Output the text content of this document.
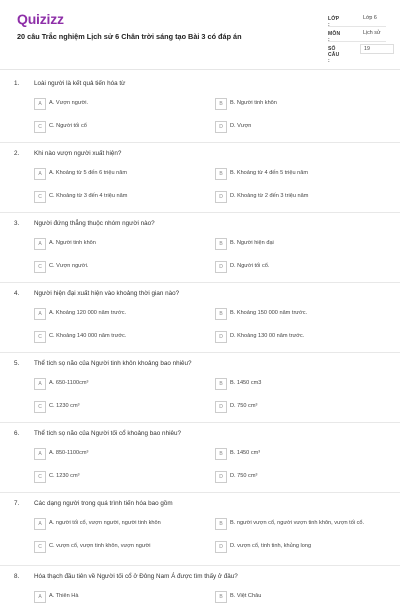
Quizizz
20 câu Trắc nghiệm Lịch sử 6 Chân trời sáng tạo Bài 3 có đáp án
LỚP :
Lớp 6
MÔN :
Lịch sử
SỐ CÂU :
19
1. Loài người là kết quả tiến hóa từ
A	A. Vượn người.	B	B. Người tinh khôn
C	C. Người tối cổ	D	D. Vượn
2. Khi nào vượn người xuất hiện?
A	A. Khoảng từ 5 đến 6 triệu năm	B	B. Khoảng từ 4 đến 5 triệu năm
C	C. Khoảng từ 3 đến 4 triệu năm	D	D. Khoảng từ 2 đến 3 triệu năm
3. Người đứng thẳng thuộc nhóm người nào?
A	A. Người tinh khôn	B	B. Người hiện đại
C	C. Vượn người.	D	D. Người tối cổ.
4. Người hiện đại xuất hiện vào khoảng thời gian nào?
A	A. Khoảng 120 000 năm trước.	B	B. Khoảng 150 000 năm trước.
C	C. Khoảng 140 000 năm trước.	D	D. Khoảng 130 00 năm trước.
5. Thể tích sọ não của Người tinh khôn khoảng bao nhiêu?
A	A. 650-1100cm³	B	B. 1450 cm3
C	C. 1230 cm³	D	D. 750 cm³
6. Thể tích sọ não của Người tối cổ khoảng bao nhiêu?
A	A. 850-1100cm³	B	B. 1450 cm³
C	C. 1230 cm³	D	D. 750 cm³
7. Các dạng người trong quá trình tiến hóa bao gồm
A	A. người tối cổ, vượn người, người tinh khôn	B	B. người vượn cổ, người vượn tinh khôn, vượn tối cổ.
C	C. vượn cổ, vượn tinh khôn, vượn người	D	D. vượn cổ, tinh tinh, khủng long
8. Hóa thạch đầu tiên về Người tối cổ ở Đông Nam Á được tìm thấy ở đâu?
A	A. Thiên Hà	B	B. Việt Châu
